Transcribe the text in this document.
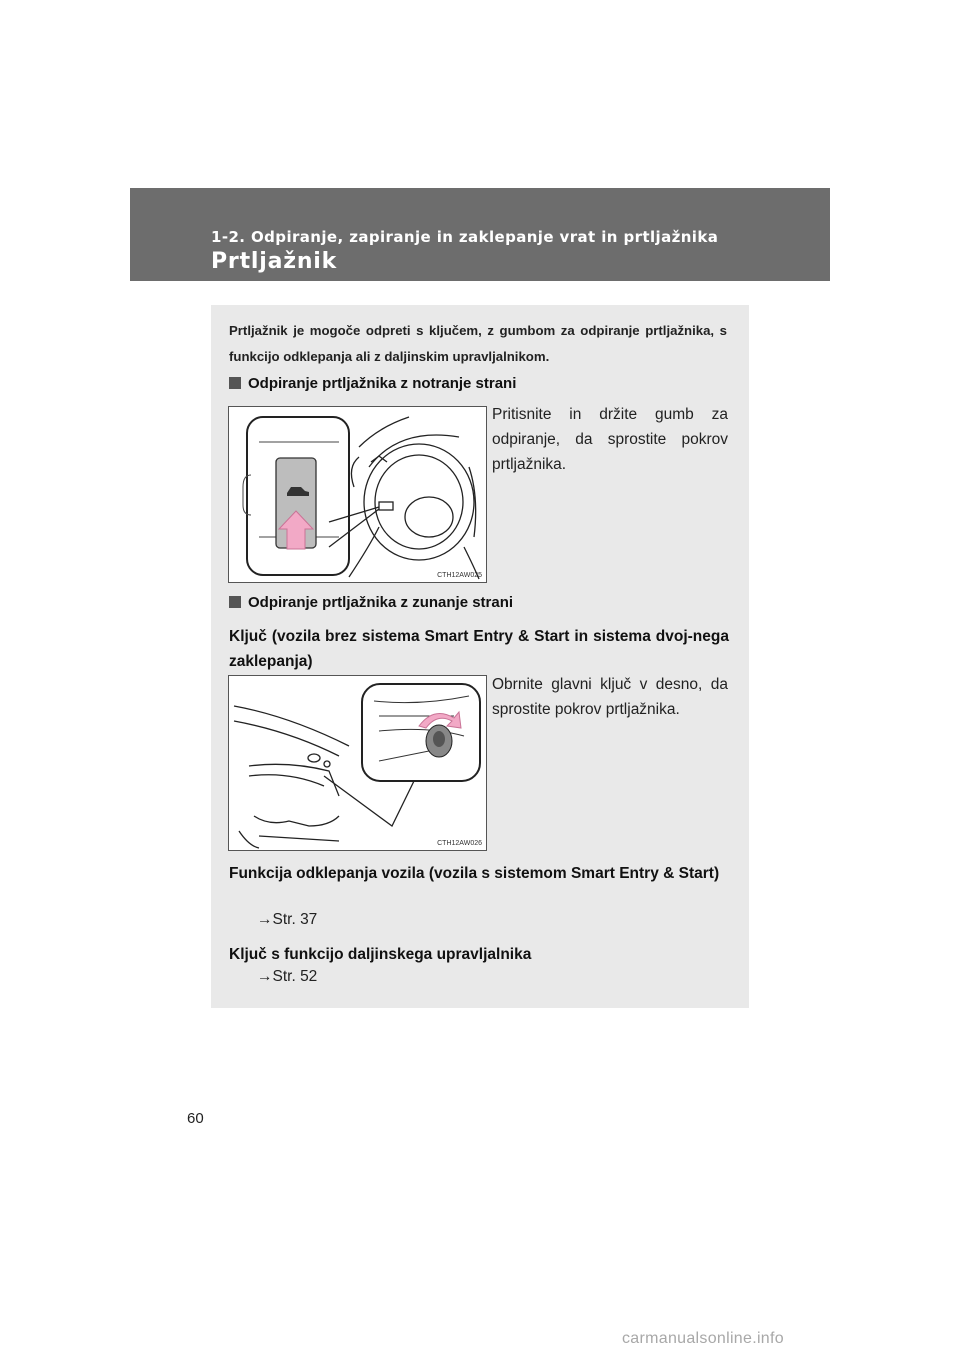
1-2. Odpiranje, zapiranje in zaklepanje vrat in prtljažnika
Prtljažnik
Prtljažnik je mogoče odpreti s ključem, z gumbom za odpiranje prtljažnika, s funkcijo odklepanja ali z daljinskim upravljalnikom.
Odpiranje prtljažnika z notranje strani
CTH12AW025
Pritisnite in držite gumb za odpiranje, da sprostite pokrov prtljažnika.
Odpiranje prtljažnika z zunanje strani
Ključ (vozila brez sistema Smart Entry & Start in sistema dvoj-nega zaklepanja)
CTH12AW026
Obrnite glavni ključ v desno, da sprostite pokrov prtljažnika.
Funkcija odklepanja vozila (vozila s sistemom Smart Entry & Start)
→Str. 37
Ključ s funkcijo daljinskega upravljalnika
→Str. 52
60
carmanualsonline.info
